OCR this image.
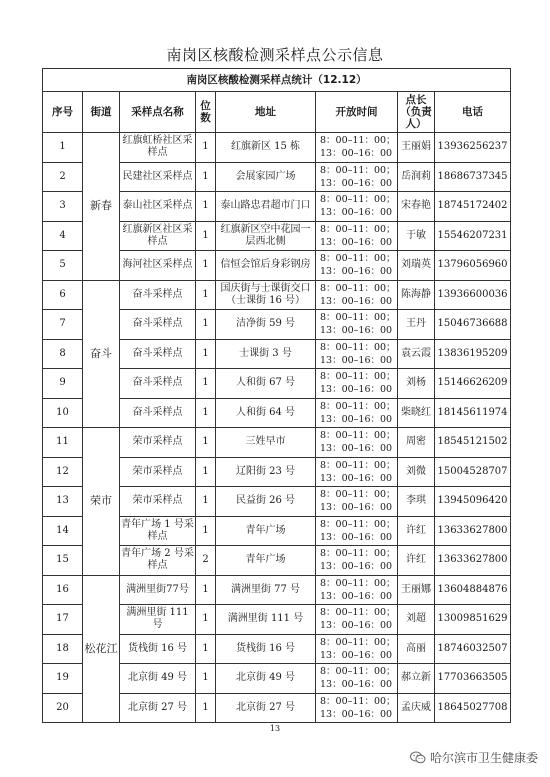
南岗区核酸检测采样点公示信息
南岗区核酸检测采样点统计（12.12）							
序号	街道	采样点名称	位数	地址	开放时间	点长（负责人）	电话
1	新春	红旗虹桥社区采样点	1	红旗新区 15 栋	8：00–11：00；
13：00–16：00	王丽娟	13936256237
2		民建社区采样点	1	会展家园广场	8：00–11：00；
13：00–16：00	岳润莉	18686737345
3		泰山社区采样点	1	泰山路忠君超市门口	8：00–11：00；
13：00–16：00	宋春艳	18745172402
4		红旗新区社区采样点	1	红旗新区空中花园一层西北侧	8：00–11：00；
13：00–16：00	于敏	15546207231
5		海河社区采样点	1	信恒会馆后身彩钢房	8：00–11：00；
13：00–16：00	刘瑞英	13796056960
6	奋斗	奋斗采样点	1	国庆街与士课街交口（士课街 16 号）	8：00–11：00；
13：00–16：00	陈海静	13936600036
7		奋斗采样点	1	洁净街 59 号	8：00–11：00；
13：00–16：00	王丹	15046736688
8		奋斗采样点	1	士课街 3 号	8：00–11：00；
13：00–16：00	袁云霞	13836195209
9		奋斗采样点	1	人和街 67 号	8：00–11：00；
13：00–16：00	刘杨	15146626209
10		奋斗采样点	1	人和街 64 号	8：00–11：00；
13：00–16：00	柴晓红	18145611974
11	荣市	荣市采样点	1	三姓早市	8：00–11：00；
13：00–16：00	周密	18545121502
12		荣市采样点	1	辽阳街 23 号	8：00–11：00；
13：00–16：00	刘微	15004528707
13		荣市采样点	1	民益街 26 号	8：00–11：00；
13：00–16：00	李琪	13945096420
14		青年广场 1 号采样点	1	青年广场	8：00–11：00；
13：00–16：00	许红	13633627800
15		青年广场 2 号采样点	2	青年广场	8：00–11：00；
13：00–16：00	许红	13633627800
16	松花江	满洲里街77号	1	满洲里街 77 号	8：00–11：00；
13：00–16：00	王丽娜	13604884876
17		满洲里街 111 号	1	满洲里街 111 号	8：00–11：00；
13：00–16：00	刘超	13009851629
18		货栈街 16 号	1	货栈街 16 号	8：00–11：00；
13：00–16：00	高丽	18746032507
19		北京街 49 号	1	北京街 49 号	8：00–11：00；
13：00–16：00	郝立新	17703663505
20		北京街 27 号	1	北京街 27 号	8：00–11：00；
13：00–16：00	孟庆威	18645027708
13
哈尔滨市卫生健康委
